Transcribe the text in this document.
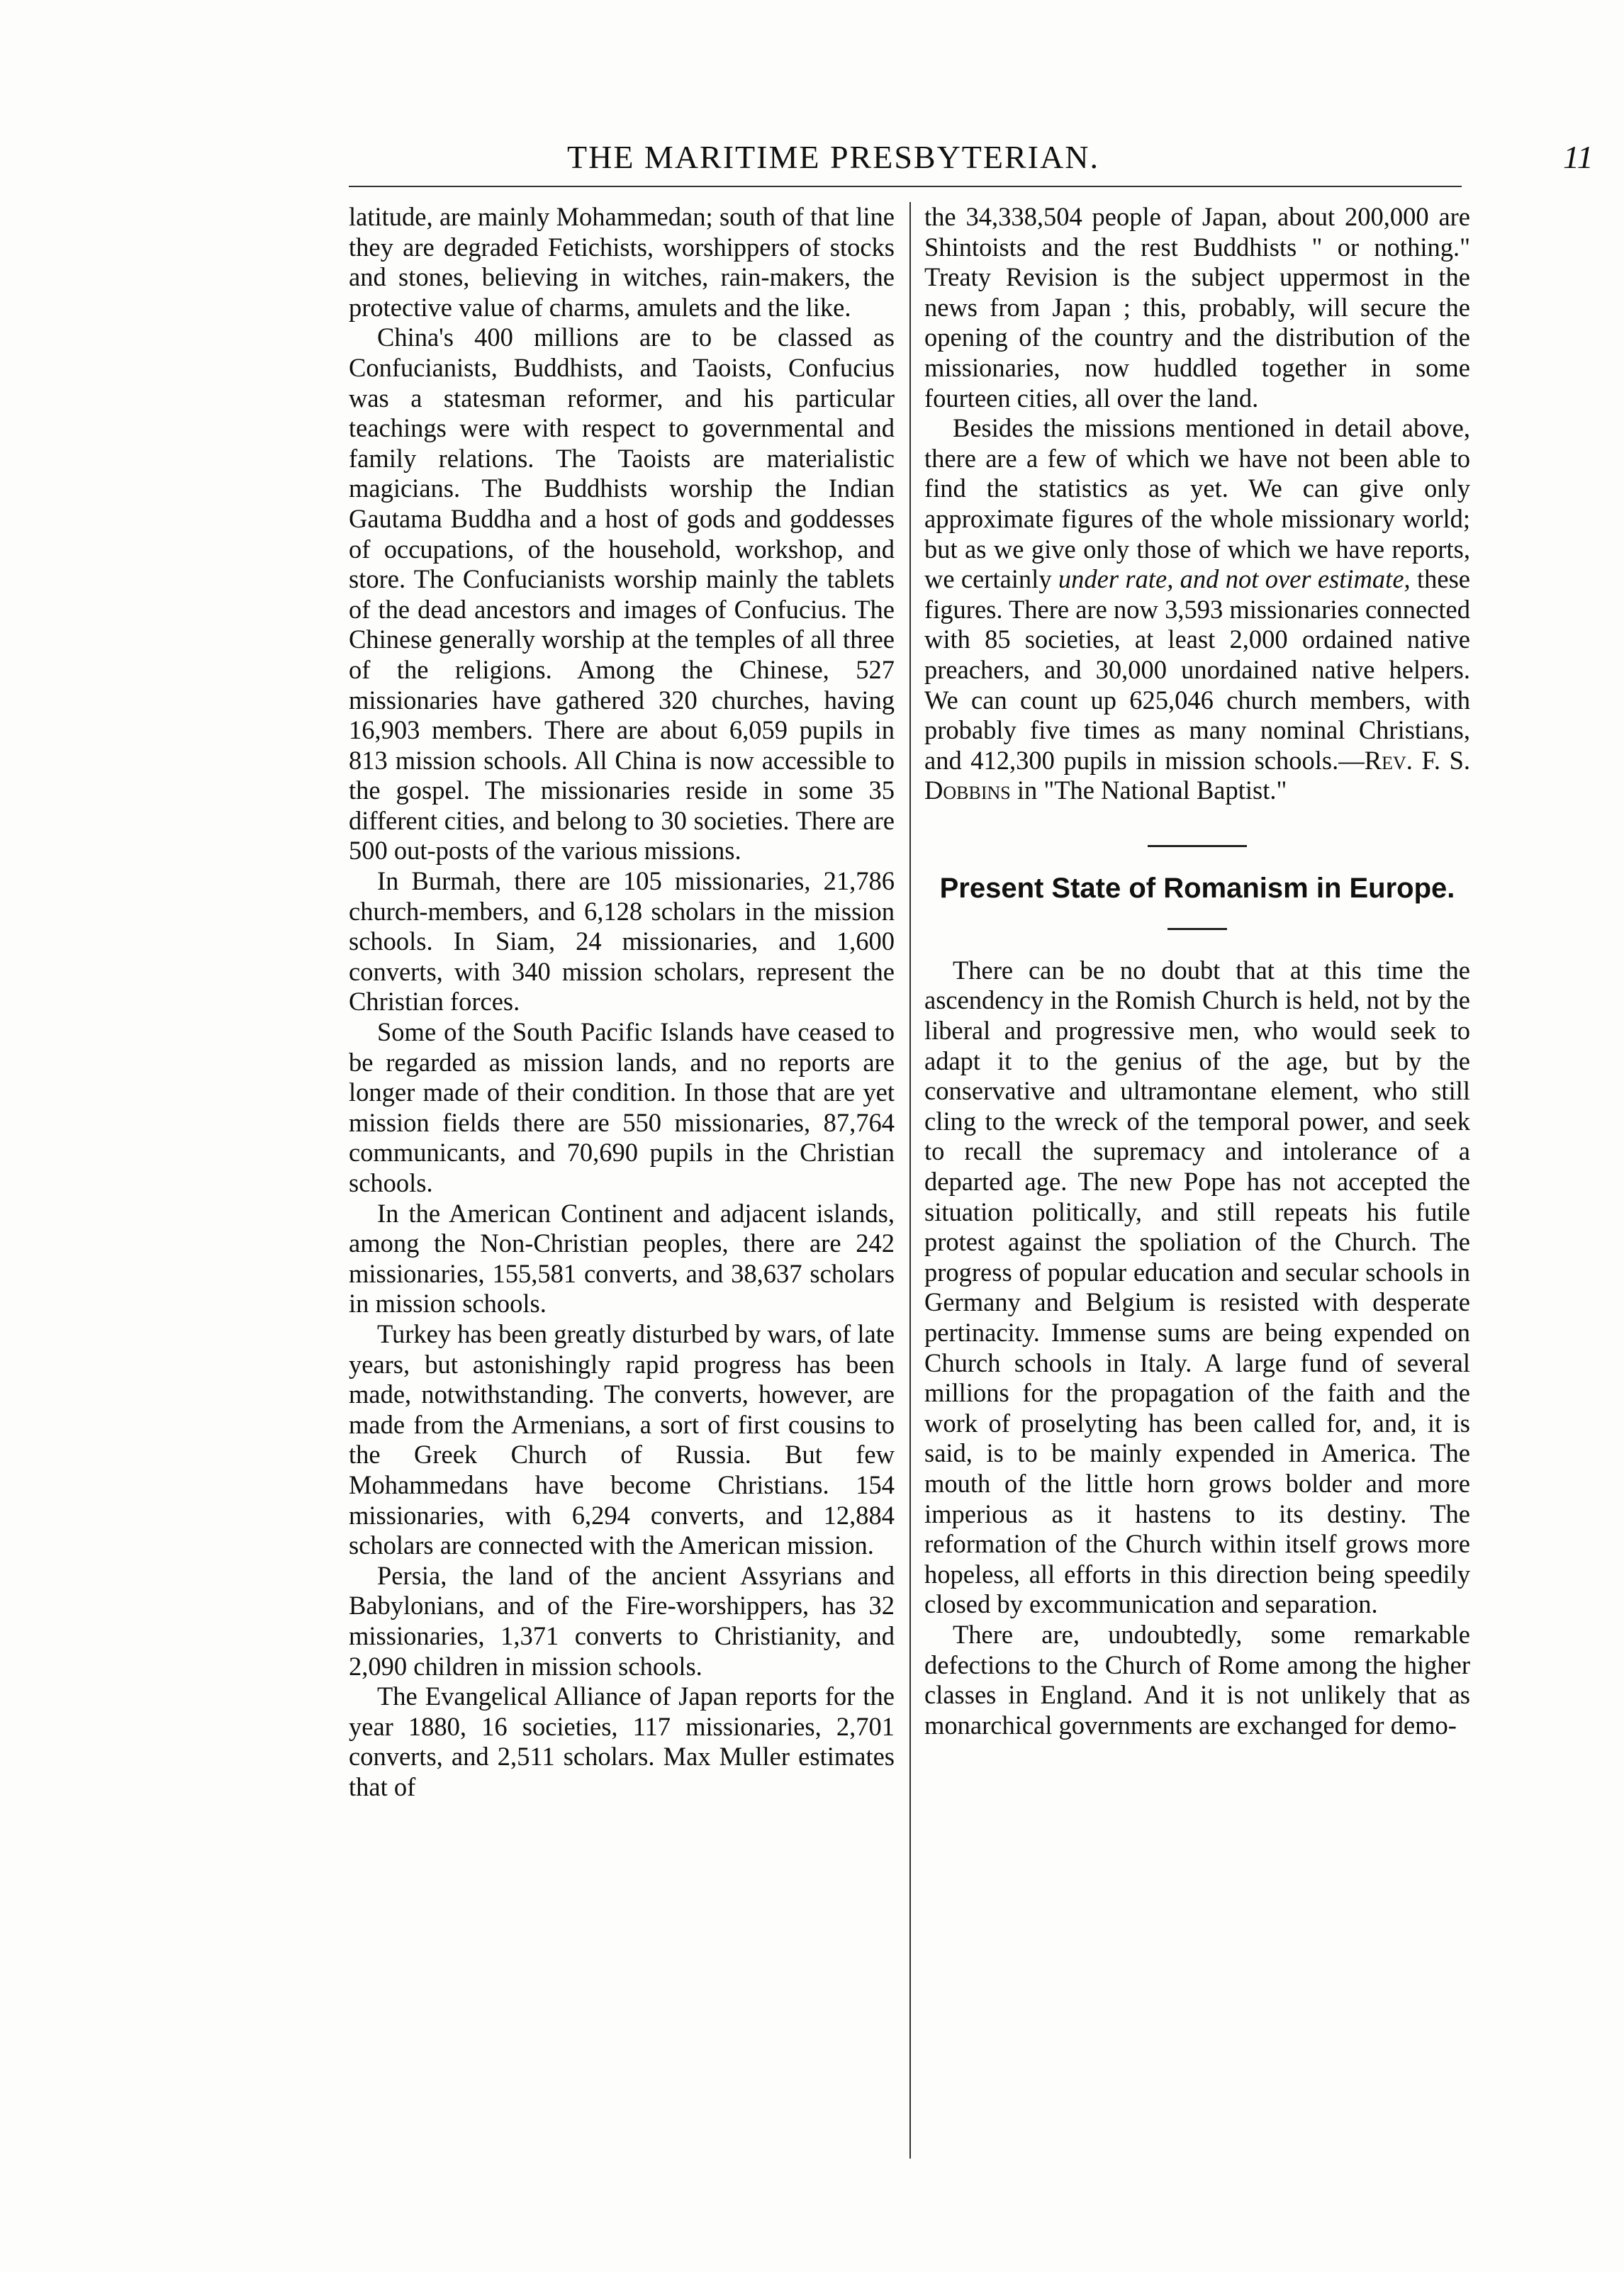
THE MARITIME PRESBYTERIAN.	11

latitude, are mainly Mohammedan; south of that line they are degraded Fetichists, worshippers of stocks and stones, believing in witches, rain-makers, the protective value of charms, amulets and the like.

China's 400 millions are to be classed as Confucianists, Buddhists, and Taoists, Confucius was a statesman reformer, and his particular teachings were with respect to governmental and family relations. The Taoists are materialistic magicians. The Buddhists worship the Indian Gautama Buddha and a host of gods and goddesses of occupations, of the household, workshop, and store. The Confucianists worship mainly the tablets of the dead ancestors and images of Confucius. The Chinese generally worship at the temples of all three of the religions. Among the Chinese, 527 missionaries have gathered 320 churches, having 16,903 members. There are about 6,059 pupils in 813 mission schools. All China is now accessible to the gospel. The missionaries reside in some 35 different cities, and belong to 30 societies. There are 500 out-posts of the various missions.

In Burmah, there are 105 missionaries, 21,786 church-members, and 6,128 scholars in the mission schools. In Siam, 24 missionaries, and 1,600 converts, with 340 mission scholars, represent the Christian forces.

Some of the South Pacific Islands have ceased to be regarded as mission lands, and no reports are longer made of their condition. In those that are yet mission fields there are 550 missionaries, 87,764 communicants, and 70,690 pupils in the Christian schools.

In the American Continent and adjacent islands, among the Non-Christian peoples, there are 242 missionaries, 155,581 converts, and 38,637 scholars in mission schools.

Turkey has been greatly disturbed by wars, of late years, but astonishingly rapid progress has been made, notwithstanding. The converts, however, are made from the Armenians, a sort of first cousins to the Greek Church of Russia. But few Mohammedans have become Christians. 154 missionaries, with 6,294 converts, and 12,884 scholars are connected with the American mission.

Persia, the land of the ancient Assyrians and Babylonians, and of the Fire-worshippers, has 32 missionaries, 1,371 converts to Christianity, and 2,090 children in mission schools.

The Evangelical Alliance of Japan reports for the year 1880, 16 societies, 117 missionaries, 2,701 converts, and 2,511 scholars. Max Muller estimates that of

the 34,338,504 people of Japan, about 200,000 are Shintoists and the rest Buddhists " or nothing." Treaty Revision is the subject uppermost in the news from Japan ; this, probably, will secure the opening of the country and the distribution of the missionaries, now huddled together in some fourteen cities, all over the land.

Besides the missions mentioned in detail above, there are a few of which we have not been able to find the statistics as yet. We can give only approximate figures of the whole missionary world; but as we give only those of which we have reports, we certainly under rate, and not over estimate, these figures. There are now 3,593 missionaries connected with 85 societies, at least 2,000 ordained native preachers, and 30,000 unordained native helpers. We can count up 625,046 church members, with probably five times as many nominal Christians, and 412,300 pupils in mission schools.—Rev. F. S. Dobbins in "The National Baptist."

Present State of Romanism in Europe.

There can be no doubt that at this time the ascendency in the Romish Church is held, not by the liberal and progressive men, who would seek to adapt it to the genius of the age, but by the conservative and ultramontane element, who still cling to the wreck of the temporal power, and seek to recall the supremacy and intolerance of a departed age. The new Pope has not accepted the situation politically, and still repeats his futile protest against the spoliation of the Church. The progress of popular education and secular schools in Germany and Belgium is resisted with desperate pertinacity. Immense sums are being expended on Church schools in Italy. A large fund of several millions for the propagation of the faith and the work of proselyting has been called for, and, it is said, is to be mainly expended in America. The mouth of the little horn grows bolder and more imperious as it hastens to its destiny. The reformation of the Church within itself grows more hopeless, all efforts in this direction being speedily closed by excommunication and separation.

There are, undoubtedly, some remarkable defections to the Church of Rome among the higher classes in England. And it is not unlikely that as monarchical governments are exchanged for demo-
